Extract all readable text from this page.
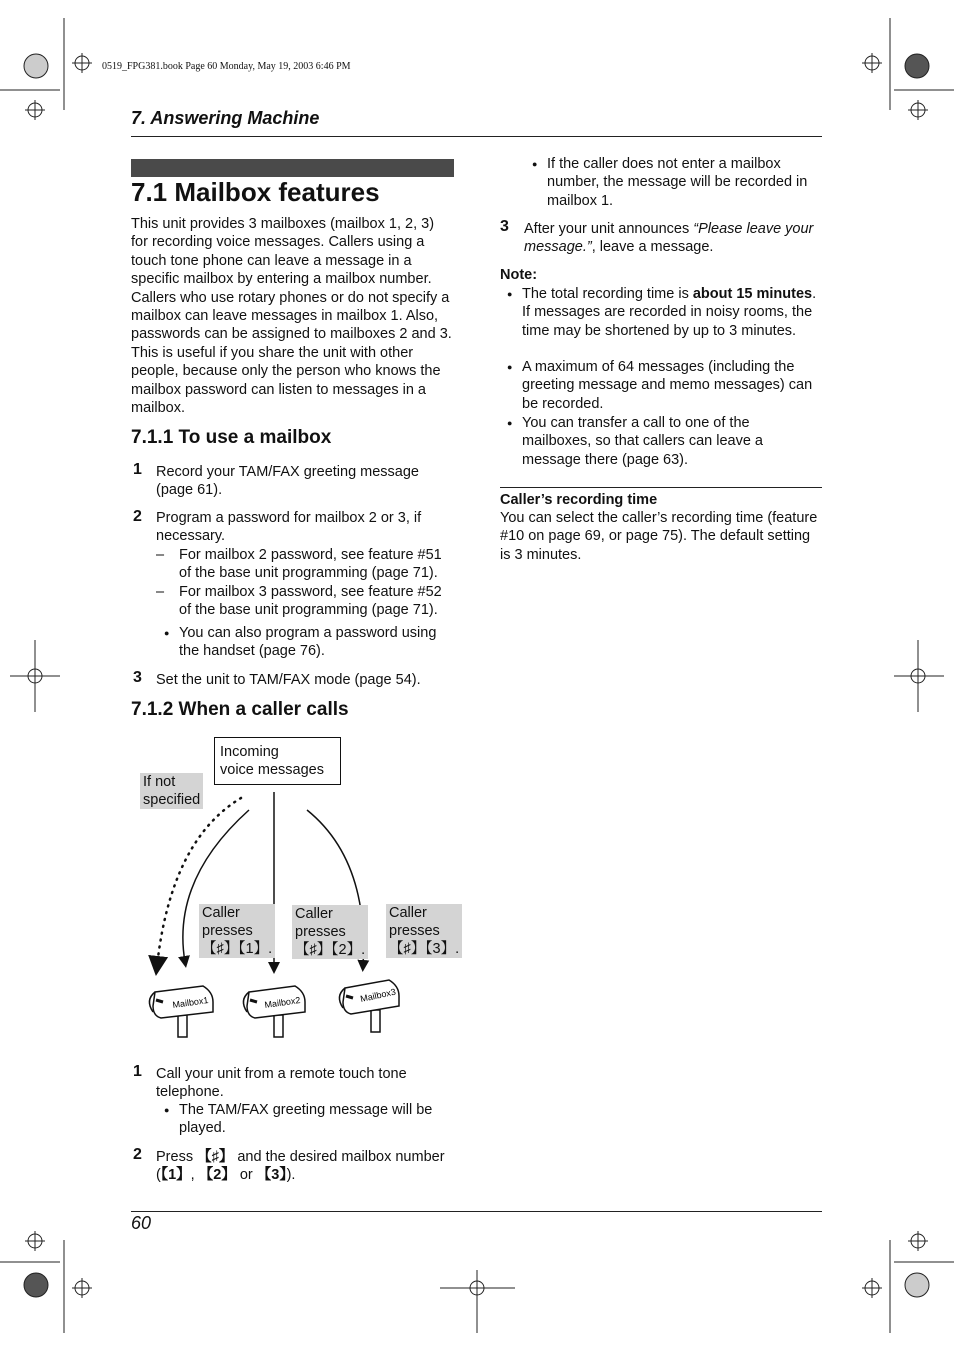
0519_FPG381.book Page 60 Monday, May 19, 2003 6:46 PM
7. Answering Machine
7.1 Mailbox features
This unit provides 3 mailboxes (mailbox 1, 2, 3) for recording voice messages. Callers using a touch tone phone can leave a message in a specific mailbox by entering a mailbox number. Callers who use rotary phones or do not specify a mailbox can leave messages in mailbox 1. Also, passwords can be assigned to mailboxes 2 and 3. This is useful if you share the unit with other people, because only the person who knows the mailbox password can listen to messages in a mailbox.
7.1.1 To use a mailbox
1 Record your TAM/FAX greeting message (page 61).
2 Program a password for mailbox 2 or 3, if necessary.
– For mailbox 2 password, see feature #51 of the base unit programming (page 71).
– For mailbox 3 password, see feature #52 of the base unit programming (page 71).
● You can also program a password using the handset (page 76).
3 Set the unit to TAM/FAX mode (page 54).
7.1.2 When a caller calls
Mailbox1	Mailbox2	Mailbox3
Incoming
voice messages
If not
specified
Caller
presses
【♯】【1】.
Caller
presses
【♯】【2】.
Caller
presses
【♯】【3】.
1 Call your unit from a remote touch tone telephone.
● The TAM/FAX greeting message will be played.
2 Press 【♯】 and the desired mailbox number (【1】, 【2】 or 【3】).
● If the caller does not enter a mailbox number, the message will be recorded in mailbox 1.
3 After your unit announces “Please leave your message.”, leave a message.
Note:
● The total recording time is about 15 minutes. If messages are recorded in noisy rooms, the time may be shortened by up to 3 minutes.
● A maximum of 64 messages (including the greeting message and memo messages) can be recorded.
● You can transfer a call to one of the mailboxes, so that callers can leave a message there (page 63).
Caller’s recording time
You can select the caller’s recording time (feature #10 on page 69, or page 75). The default setting is 3 minutes.
60
